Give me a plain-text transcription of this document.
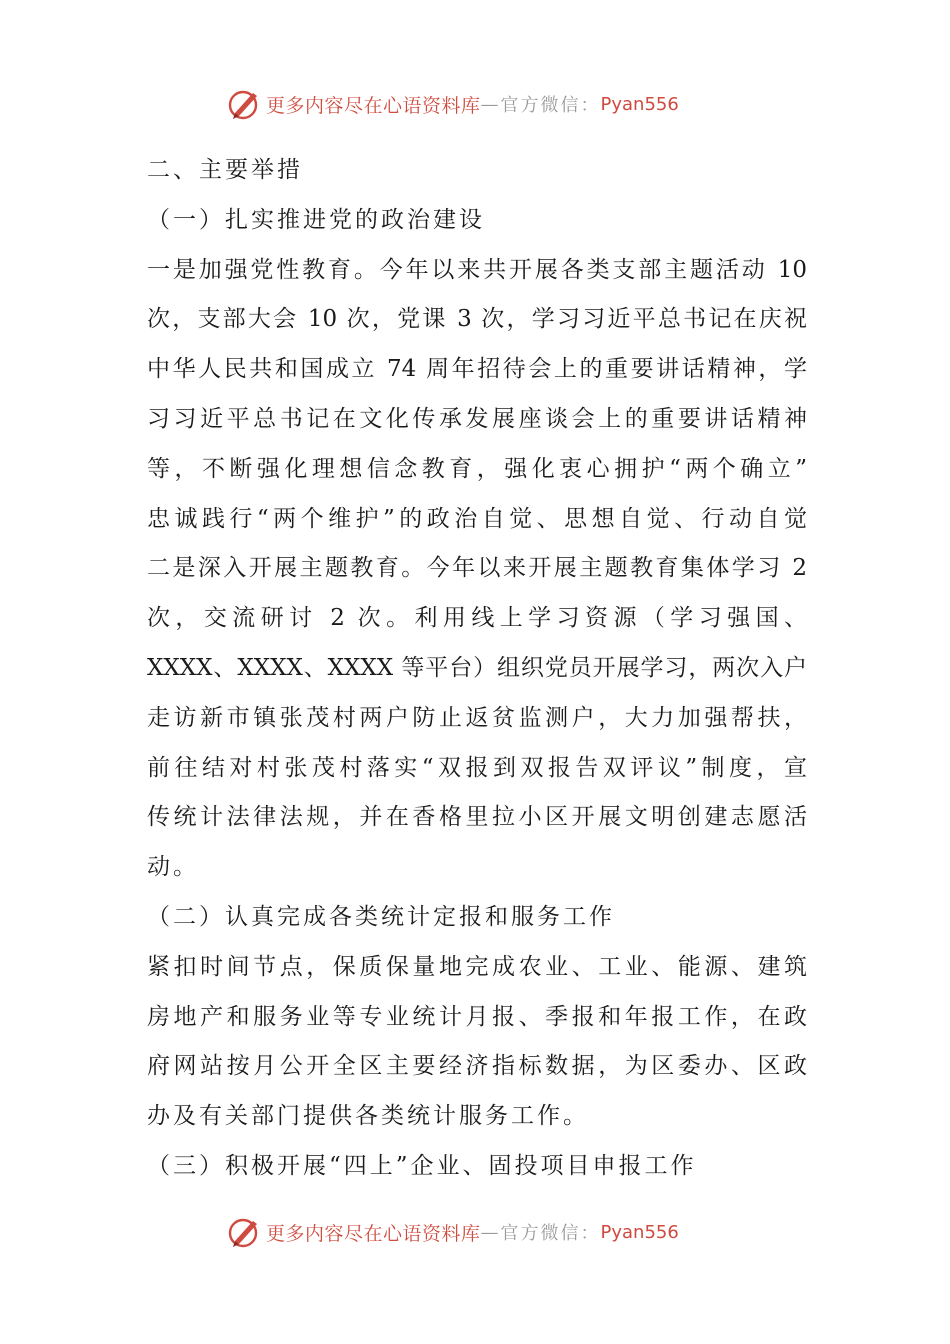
更多内容尽在心语资料库 — 官方微信： Pyan556
二、主要举措
（一）扎实推进党的政治建设
一是加强党性教育。今年以来共开展各类支部主题活动 10
次，支部大会 10 次，党课 3 次，学习习近平总书记在庆祝
中华人民共和国成立 74 周年招待会上的重要讲话精神，学
习习近平总书记在文化传承发展座谈会上的重要讲话精神
等，不断强化理想信念教育，强化衷心拥护“两个确立”
忠诚践行“两个维护”的政治自觉、思想自觉、行动自觉
二是深入开展主题教育。今年以来开展主题教育集体学习 2
次，交流研讨 2 次。利用线上学习资源（学习强国、
XXXX、XXXX、XXXX 等平台）组织党员开展学习，两次入户
走访新市镇张茂村两户防止返贫监测户，大力加强帮扶，
前往结对村张茂村落实“双报到双报告双评议”制度，宣
传统计法律法规，并在香格里拉小区开展文明创建志愿活
动。
（二）认真完成各类统计定报和服务工作
紧扣时间节点，保质保量地完成农业、工业、能源、建筑
房地产和服务业等专业统计月报、季报和年报工作，在政
府网站按月公开全区主要经济指标数据，为区委办、区政
办及有关部门提供各类统计服务工作。
（三）积极开展“四上”企业、固投项目申报工作
更多内容尽在心语资料库 — 官方微信： Pyan556
